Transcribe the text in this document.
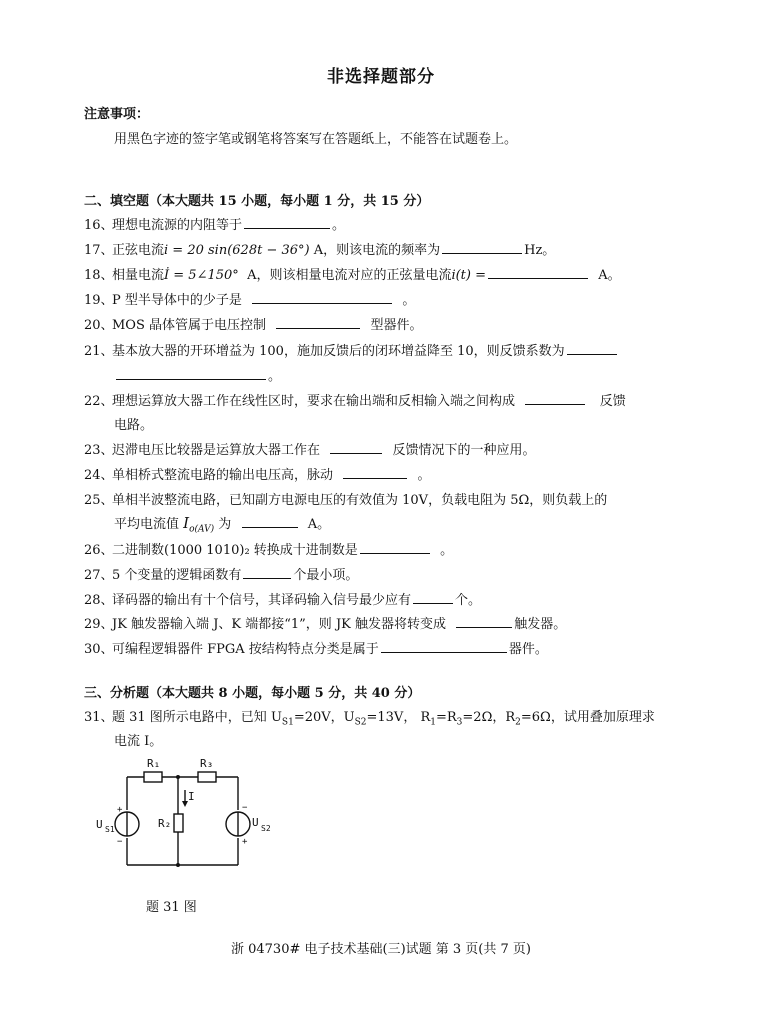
非选择题部分
注意事项：
用黑色字迹的签字笔或钢笔将答案写在答题纸上，不能答在试题卷上。
二、填空题（本大题共 15 小题，每小题 1 分，共 15 分）
16、理想电流源的内阻等于	。
17、正弦电流i = 20 sin(628t − 36°) A，则该电流的频率为	Hz。
18、相量电流İ = 5∠150° A，则该相量电流对应的正弦量电流i(t) =	A。
19、P 型半导体中的少子是	。
20、MOS 晶体管属于电压控制	型器件。
21、基本放大器的开环增益为 100，施加反馈后的闭环增益降至 10，则反馈系数为
。
22、理想运算放大器工作在线性区时，要求在输出端和反相输入端之间构成	反馈
电路。
23、迟滞电压比较器是运算放大器工作在	反馈情况下的一种应用。
24、单相桥式整流电路的输出电压高，脉动	。
25、单相半波整流电路，已知副方电源电压的有效值为 10V，负载电阻为 5Ω，则负载上的
平均电流值 $I_{o(AV)}$ 为	A。
26、二进制数(1000 1010)₂ 转换成十进制数是	。
27、5 个变量的逻辑函数有	个最小项。
28、译码器的输出有十个信号，其译码输入信号最少应有	个。
29、JK 触发器输入端 J、K 端都接“1”，则 JK 触发器将转变成	触发器。
30、可编程逻辑器件 FPGA 按结构特点分类是属于	器件。
三、分析题（本大题共 8 小题，每小题 5 分，共 40 分）
31、题 31 图所示电路中，已知 $U_{S1}=20V$，$U_{S2}=13V$， $R_1=R_3=2\Omega$，$R_2=6\Omega$，试用叠加原理求
电流 I。
R₁	R₃
R₂
I
U S1
U S2
+
−
−
+
题 31 图
浙 04730# 电子技术基础(三)试题 第 3 页(共 7 页)
